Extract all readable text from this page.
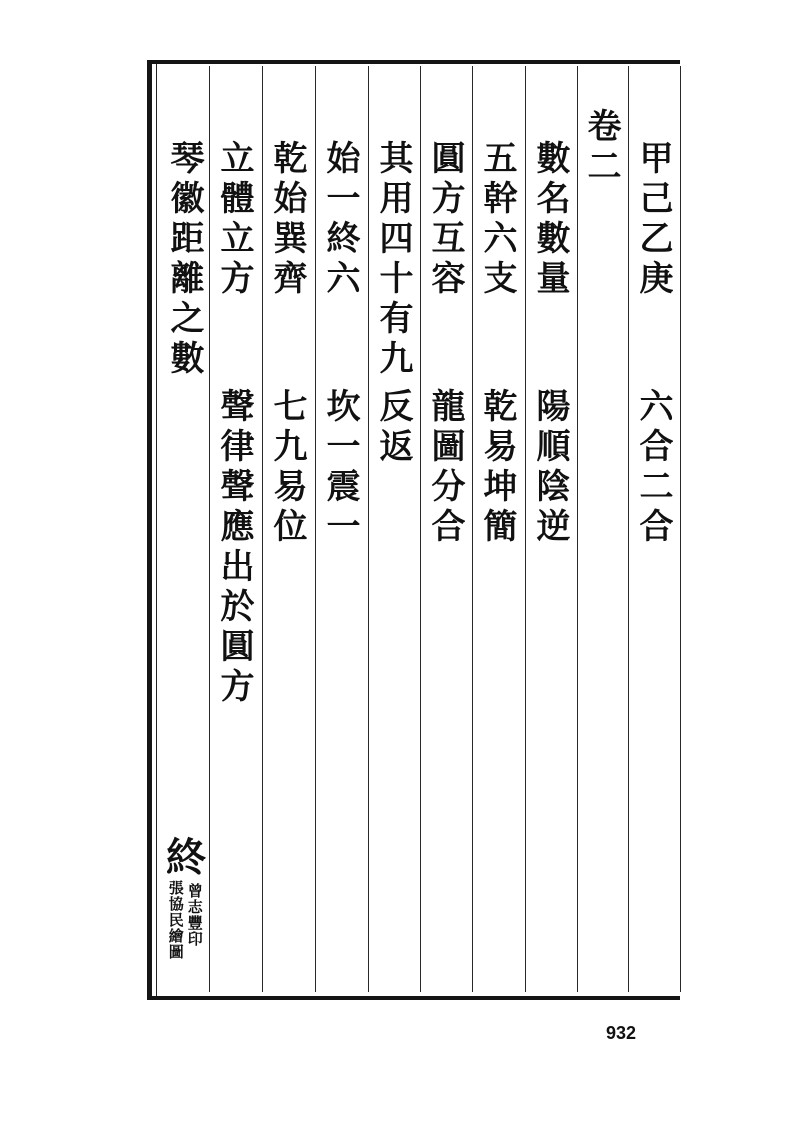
甲己乙庚
六合二合
卷二
數名數量
陽順陰逆
五幹六支
乾易坤簡
圓方互容
龍圖分合
其用四十有九
反返
始一終六
坎一震一
乾始巽齊
七九易位
立體立方
聲律聲應出於圓方
琴徽距離之數
終
曾志豐印
張協民繪圖
932
